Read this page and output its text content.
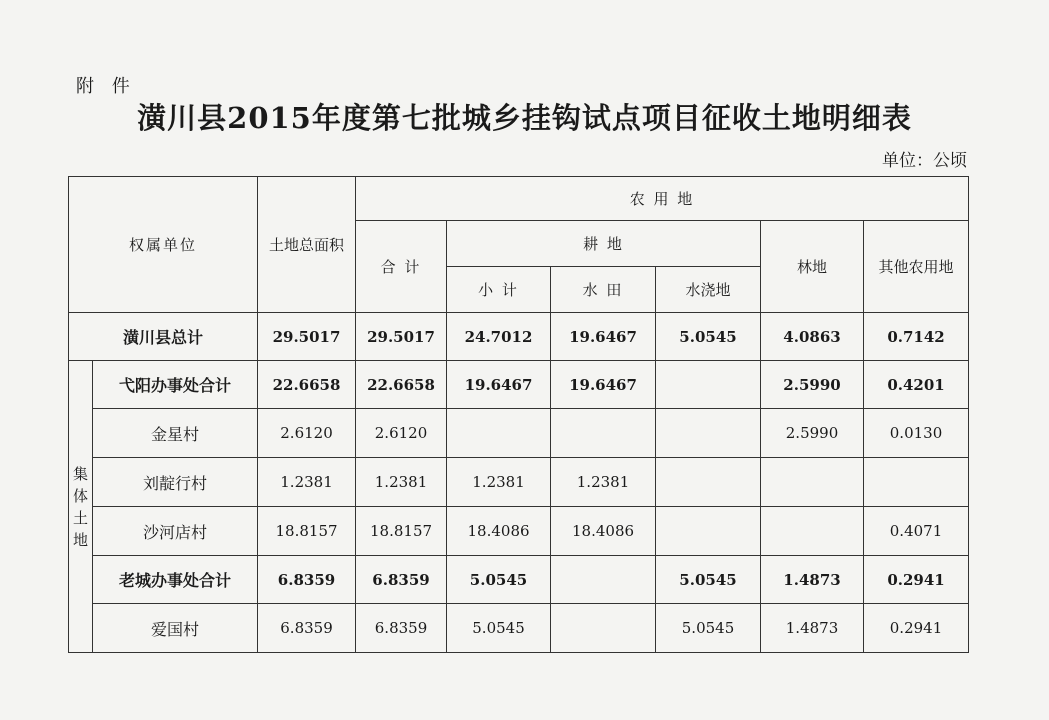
附 件
潢川县2015年度第七批城乡挂钩试点项目征收土地明细表
单位：公顷
权属单位		土地总面积	农 用 地					
			合 计	耕 地			林地	其他农用地
				小 计	水 田	水浇地		
潢川县总计		29.5017	29.5017	24.7012	19.6467	5.0545	4.0863	0.7142

集
体
土
地	弋阳办事处合计	22.6658	22.6658	19.6467	19.6467		2.5990	0.4201
	金星村	2.6120	2.6120				2.5990	0.0130
	刘靛行村	1.2381	1.2381	1.2381	1.2381			
	沙河店村	18.8157	18.8157	18.4086	18.4086			0.4071
	老城办事处合计	6.8359	6.8359	5.0545		5.0545	1.4873	0.2941
	爱国村	6.8359	6.8359	5.0545		5.0545	1.4873	0.2941
